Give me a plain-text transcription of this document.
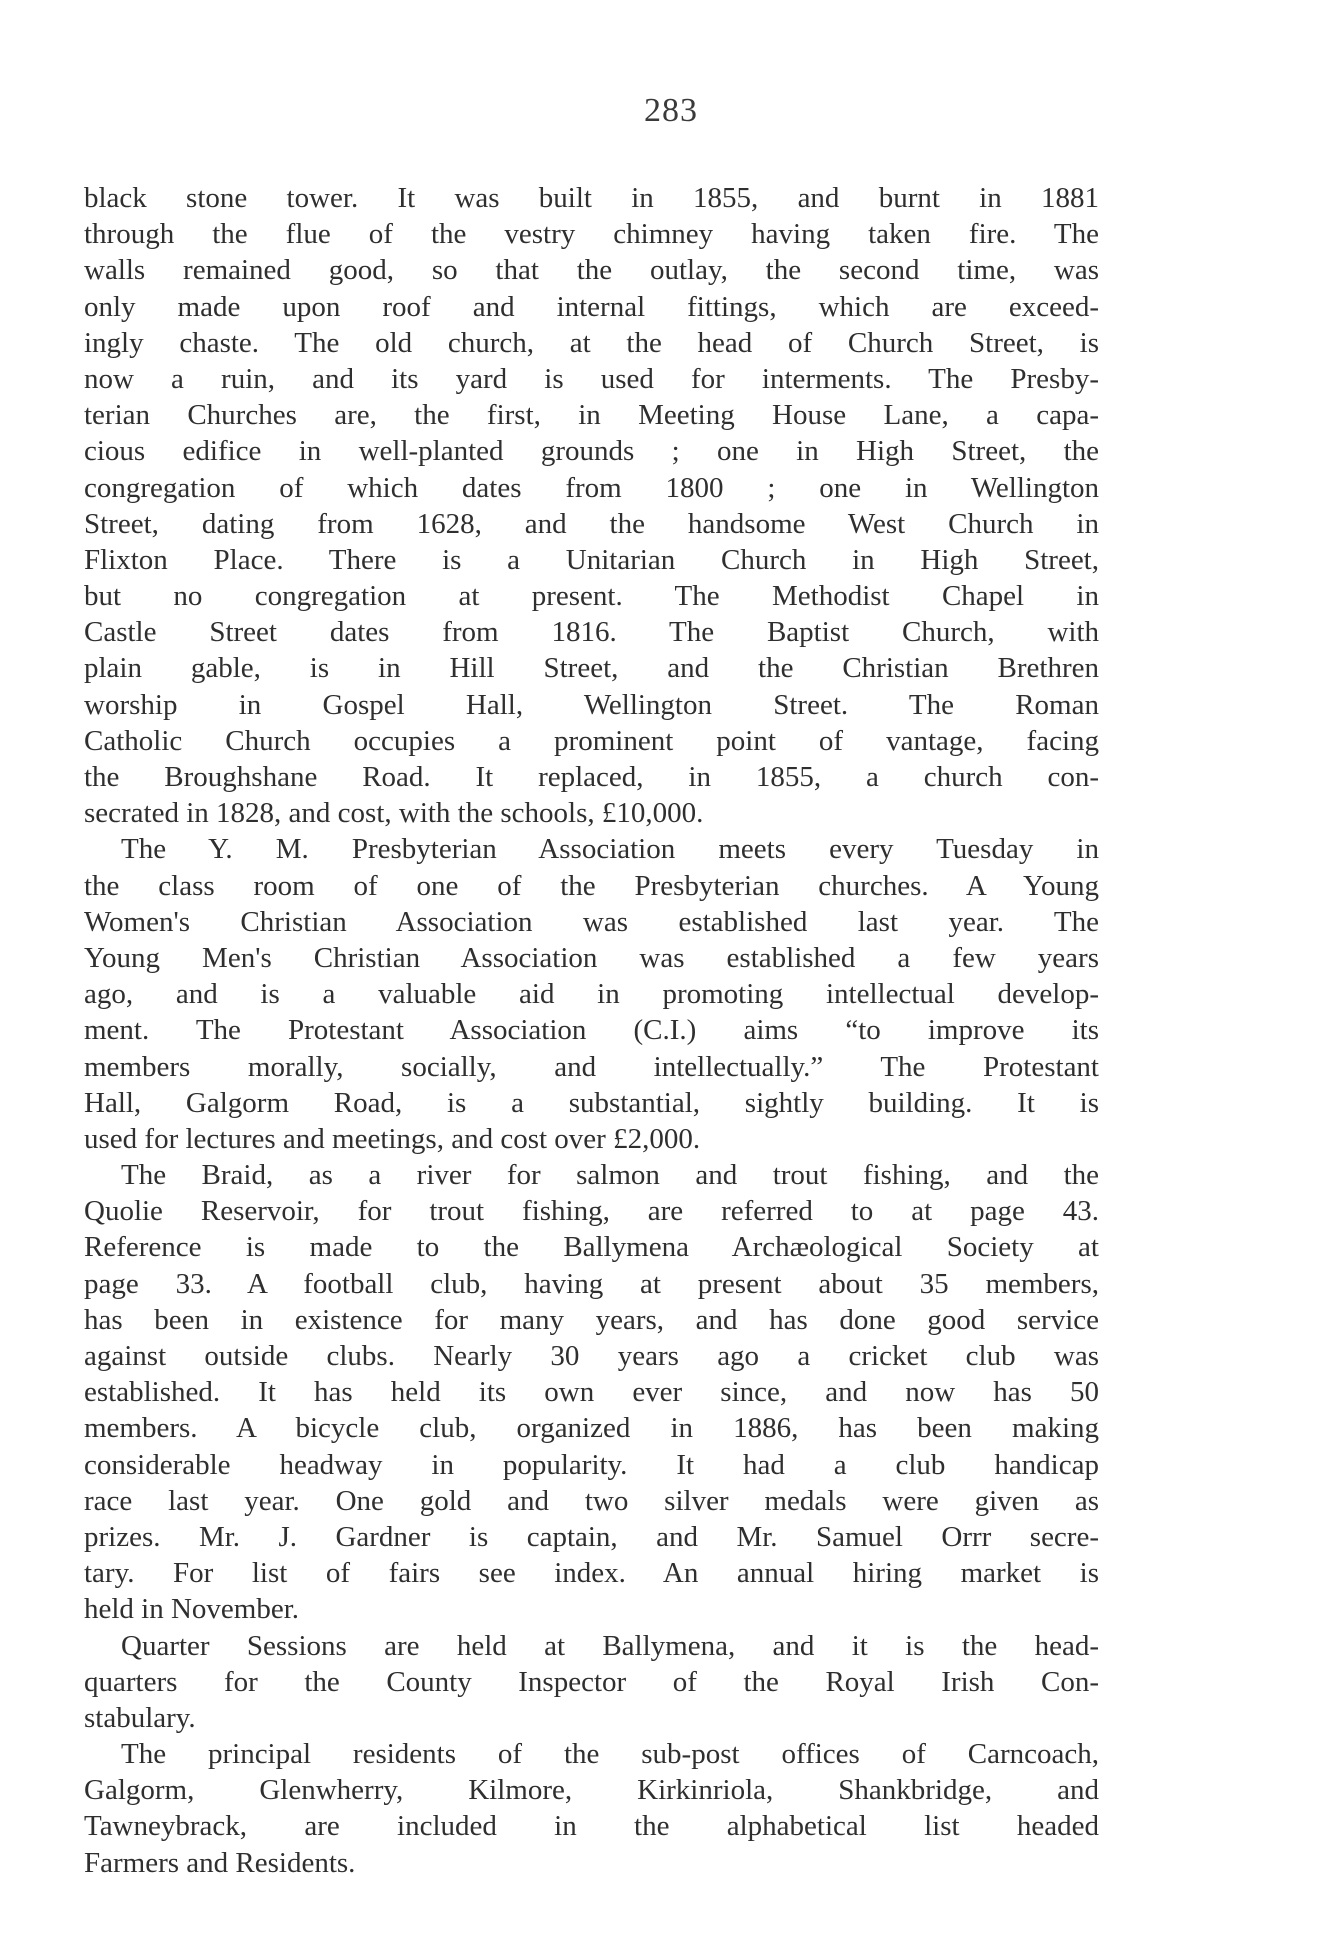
283
black stone tower. It was built in 1855, and burnt in 1881
through the flue of the vestry chimney having taken fire. The
walls remained good, so that the outlay, the second time, was
only made upon roof and internal fittings, which are exceed-
ingly chaste. The old church, at the head of Church Street, is
now a ruin, and its yard is used for interments. The Presby-
terian Churches are, the first, in Meeting House Lane, a capa-
cious edifice in well-planted grounds ; one in High Street, the
congregation of which dates from 1800 ; one in Wellington
Street, dating from 1628, and the handsome West Church in
Flixton Place. There is a Unitarian Church in High Street,
but no congregation at present. The Methodist Chapel in
Castle Street dates from 1816. The Baptist Church, with
plain gable, is in Hill Street, and the Christian Brethren
worship in Gospel Hall, Wellington Street. The Roman
Catholic Church occupies a prominent point of vantage, facing
the Broughshane Road. It replaced, in 1855, a church con-
secrated in 1828, and cost, with the schools, £10,000.
The Y. M. Presbyterian Association meets every Tuesday in
the class room of one of the Presbyterian churches. A Young
Women's Christian Association was established last year. The
Young Men's Christian Association was established a few years
ago, and is a valuable aid in promoting intellectual develop-
ment. The Protestant Association (C.I.) aims “to improve its
members morally, socially, and intellectually.” The Protestant
Hall, Galgorm Road, is a substantial, sightly building. It is
used for lectures and meetings, and cost over £2,000.
The Braid, as a river for salmon and trout fishing, and the
Quolie Reservoir, for trout fishing, are referred to at page 43.
Reference is made to the Ballymena Archæological Society at
page 33. A football club, having at present about 35 members,
has been in existence for many years, and has done good service
against outside clubs. Nearly 30 years ago a cricket club was
established. It has held its own ever since, and now has 50
members. A bicycle club, organized in 1886, has been making
considerable headway in popularity. It had a club handicap
race last year. One gold and two silver medals were given as
prizes. Mr. J. Gardner is captain, and Mr. Samuel Orrr secre-
tary. For list of fairs see index. An annual hiring market is
held in November.
Quarter Sessions are held at Ballymena, and it is the head-
quarters for the County Inspector of the Royal Irish Con-
stabulary.
The principal residents of the sub-post offices of Carncoach,
Galgorm, Glenwherry, Kilmore, Kirkinriola, Shankbridge, and
Tawneybrack, are included in the alphabetical list headed
Farmers and Residents.
